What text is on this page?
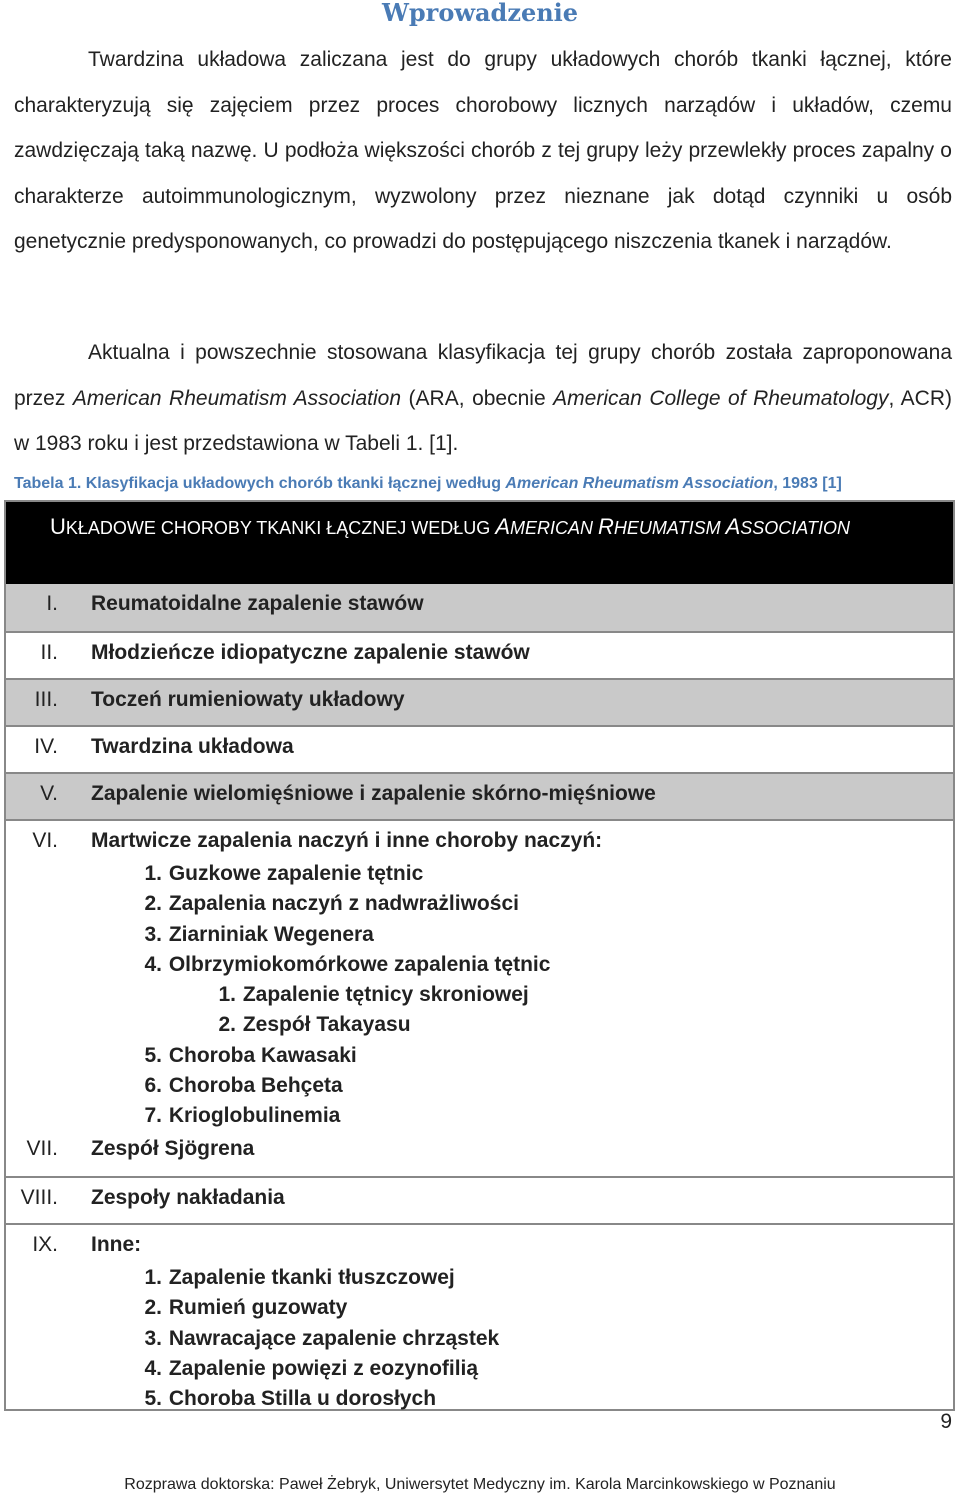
Wprowadzenie

Twardzina układowa zaliczana jest do grupy układowych chorób tkanki łącznej, które charakteryzują się zajęciem przez proces chorobowy licznych narządów i układów, czemu zawdzięczają taką nazwę. U podłoża większości chorób z tej grupy leży przewlekły proces zapalny o charakterze autoimmunologicznym, wyzwolony przez nieznane jak dotąd czynniki u osób genetycznie predysponowanych, co prowadzi do postępującego niszczenia tkanek i narządów.

Aktualna i powszechnie stosowana klasyfikacja tej grupy chorób została zaproponowana przez American Rheumatism Association (ARA, obecnie American College of Rheumatology, ACR) w 1983 roku i jest przedstawiona w Tabeli 1. [1].

Tabela 1. Klasyfikacja układowych chorób tkanki łącznej według American Rheumatism Association, 1983 [1]
UKŁADOWE CHOROBY TKANKI ŁĄCZNEJ WEDŁUG AMERICAN RHEUMATISM ASSOCIATION
I.	Reumatoidalne zapalenie stawów
II.	Młodzieńcze idiopatyczne zapalenie stawów
III.	Toczeń rumieniowaty układowy
IV.	Twardzina układowa
V.	Zapalenie wielomięśniowe i zapalenie skórno-mięśniowe
VI. Martwicze zapalenia naczyń i inne choroby naczyń:
1. Guzkowe zapalenie tętnic
2. Zapalenia naczyń z nadwrażliwości
3. Ziarniniak Wegenera
4. Olbrzymiokomórkowe zapalenia tętnic
1. Zapalenie tętnicy skroniowej
2. Zespół Takayasu
5. Choroba Kawasaki
6. Choroba Behçeta
7. Krioglobulinemia
VII.	Zespół Sjögrena
VIII.	Zespoły nakładania
IX. Inne:
1. Zapalenie tkanki tłuszczowej
2. Rumień guzowaty
3. Nawracające zapalenie chrząstek
4. Zapalenie powięzi z eozynofilią
5. Choroba Stilla u dorosłych
9
Rozprawa doktorska: Paweł Żebryk, Uniwersytet Medyczny im. Karola Marcinkowskiego w Poznaniu
